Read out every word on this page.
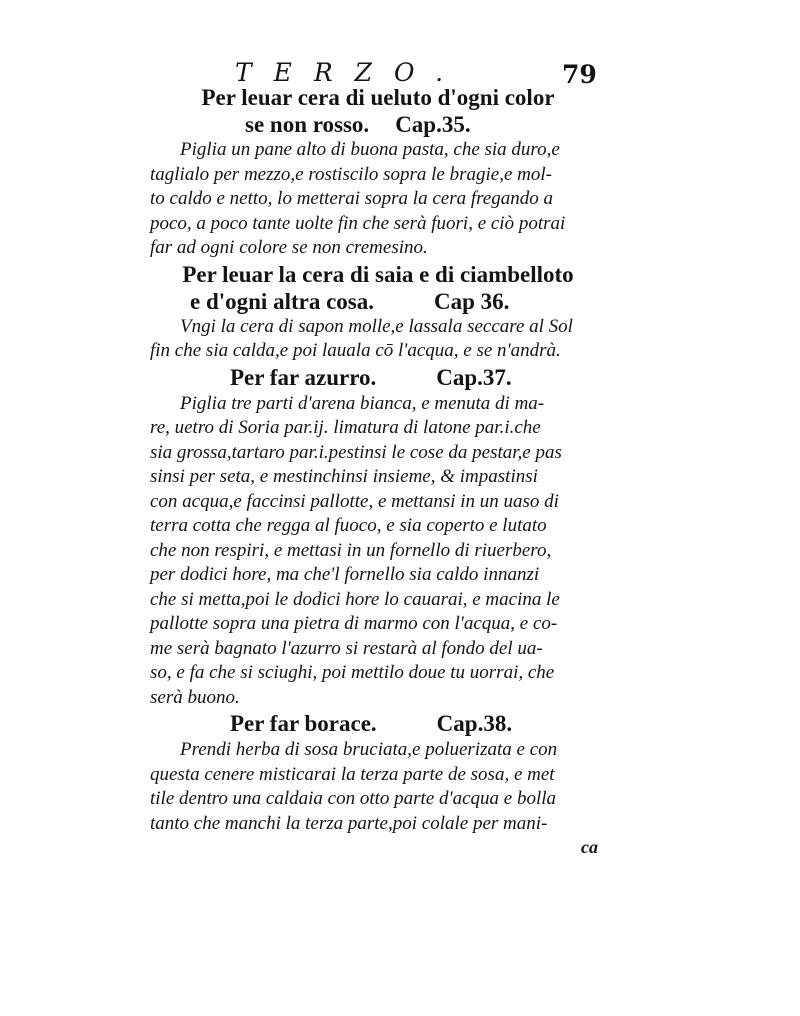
TERZO.	79
Per leuar cera di ueluto d'ogni color
se non rosso. Cap.35.

Piglia un pane alto di buona pasta, che sia duro,e
taglialo per mezzo,e rostiscilo sopra le bragie,e mol-
to caldo e netto, lo metterai sopra la cera fregando a
poco, a poco tante uolte fin che serà fuori, e ciò potrai
far ad ogni colore se non cremesino.

Per leuar la cera di saia e di ciambelloto
e d'ogni altra cosa.	Cap 36.

Vngi la cera di sapon molle,e lassala seccare al Sol
fin che sia calda,e poi lauala cō l'acqua, e se n'andrà.

Per far azurro.	Cap.37.

Piglia tre parti d'arena bianca, e menuta di ma-
re, uetro di Soria par.ij. limatura di latone par.i.che
sia grossa,tartaro par.i.pestinsi le cose da pestar,e pas
sinsi per seta, e mestinchinsi insieme, & impastinsi
con acqua,e faccinsi pallotte, e mettansi in un uaso di
terra cotta che regga al fuoco, e sia coperto e lutato
che non respiri, e mettasi in un fornello di riuerbero,
per dodici hore, ma che'l fornello sia caldo innanzi
che si metta,poi le dodici hore lo cauarai, e macina le
pallotte sopra una pietra di marmo con l'acqua, e co-
me serà bagnato l'azurro si restarà al fondo del ua-
so, e fa che si sciughi, poi mettilo doue tu uorrai, che
serà buono.

Per far borace.	Cap.38.

Prendi herba di sosa bruciata,e poluerizata e con
questa cenere misticarai la terza parte de sosa, e met
tile dentro una caldaia con otto parte d'acqua e bolla
tanto che manchi la terza parte,poi colale per mani-

ca
